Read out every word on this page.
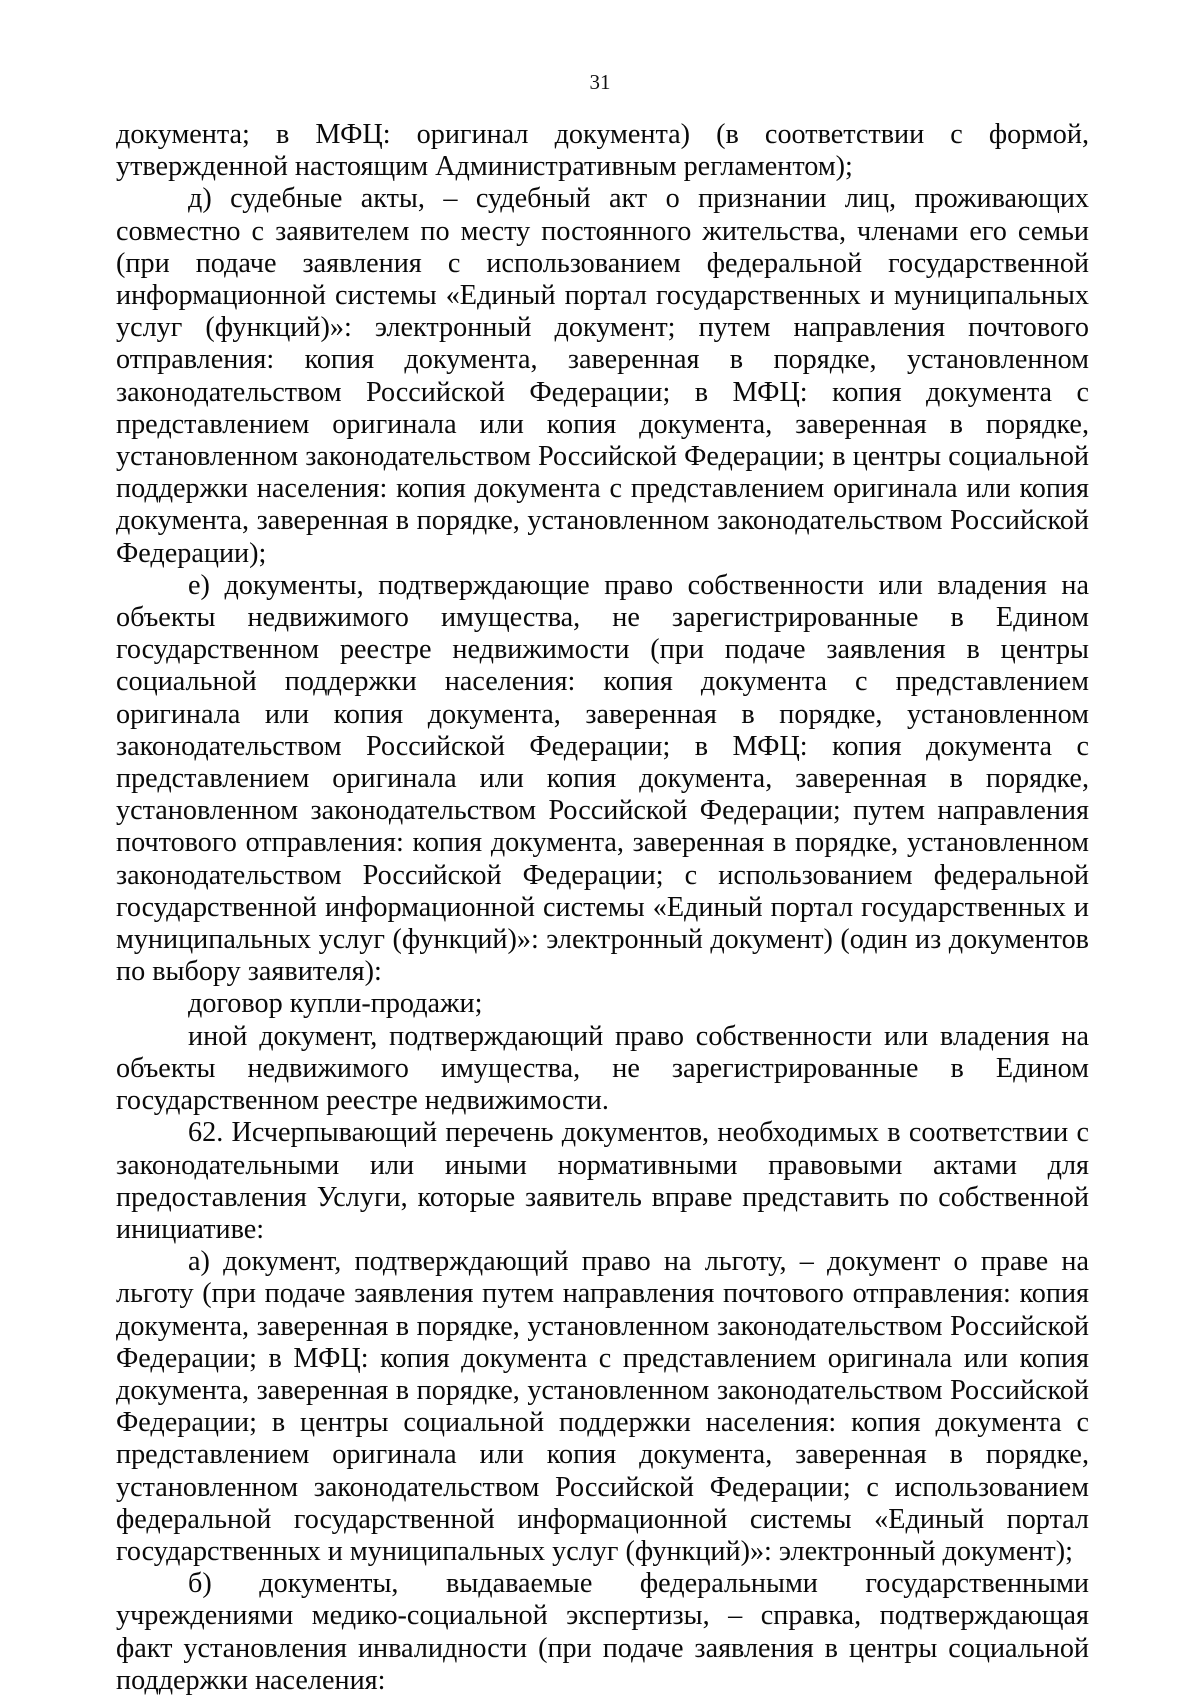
31

документа; в МФЦ: оригинал документа) (в соответствии с формой, утвержденной настоящим Административным регламентом);

д) судебные акты, – судебный акт о признании лиц, проживающих совместно с заявителем по месту постоянного жительства, членами его семьи (при подаче заявления с использованием федеральной государственной информационной системы «Единый портал государственных и муниципальных услуг (функций)»: электронный документ; путем направления почтового отправления: копия документа, заверенная в порядке, установленном законодательством Российской Федерации; в МФЦ: копия документа с представлением оригинала или копия документа, заверенная в порядке, установленном законодательством Российской Федерации; в центры социальной поддержки населения: копия документа с представлением оригинала или копия документа, заверенная в порядке, установленном законодательством Российской Федерации);

е) документы, подтверждающие право собственности или владения на объекты недвижимого имущества, не зарегистрированные в Едином государственном реестре недвижимости (при подаче заявления в центры социальной поддержки населения: копия документа с представлением оригинала или копия документа, заверенная в порядке, установленном законодательством Российской Федерации; в МФЦ: копия документа с представлением оригинала или копия документа, заверенная в порядке, установленном законодательством Российской Федерации; путем направления почтового отправления: копия документа, заверенная в порядке, установленном законодательством Российской Федерации; с использованием федеральной государственной информационной системы «Единый портал государственных и муниципальных услуг (функций)»: электронный документ) (один из документов по выбору заявителя):

договор купли-продажи;

иной документ, подтверждающий право собственности или владения на объекты недвижимого имущества, не зарегистрированные в Едином государственном реестре недвижимости.

62. Исчерпывающий перечень документов, необходимых в соответствии с законодательными или иными нормативными правовыми актами для предоставления Услуги, которые заявитель вправе представить по собственной инициативе:

а) документ, подтверждающий право на льготу, – документ о праве на льготу (при подаче заявления путем направления почтового отправления: копия документа, заверенная в порядке, установленном законодательством Российской Федерации; в МФЦ: копия документа с представлением оригинала или копия документа, заверенная в порядке, установленном законодательством Российской Федерации; в центры социальной поддержки населения: копия документа с представлением оригинала или копия документа, заверенная в порядке, установленном законодательством Российской Федерации; с использованием федеральной государственной информационной системы «Единый портал государственных и муниципальных услуг (функций)»: электронный документ);

б) документы, выдаваемые федеральными государственными учреждениями медико-социальной экспертизы, – справка, подтверждающая факт установления инвалидности (при подаче заявления в центры социальной поддержки населения:
